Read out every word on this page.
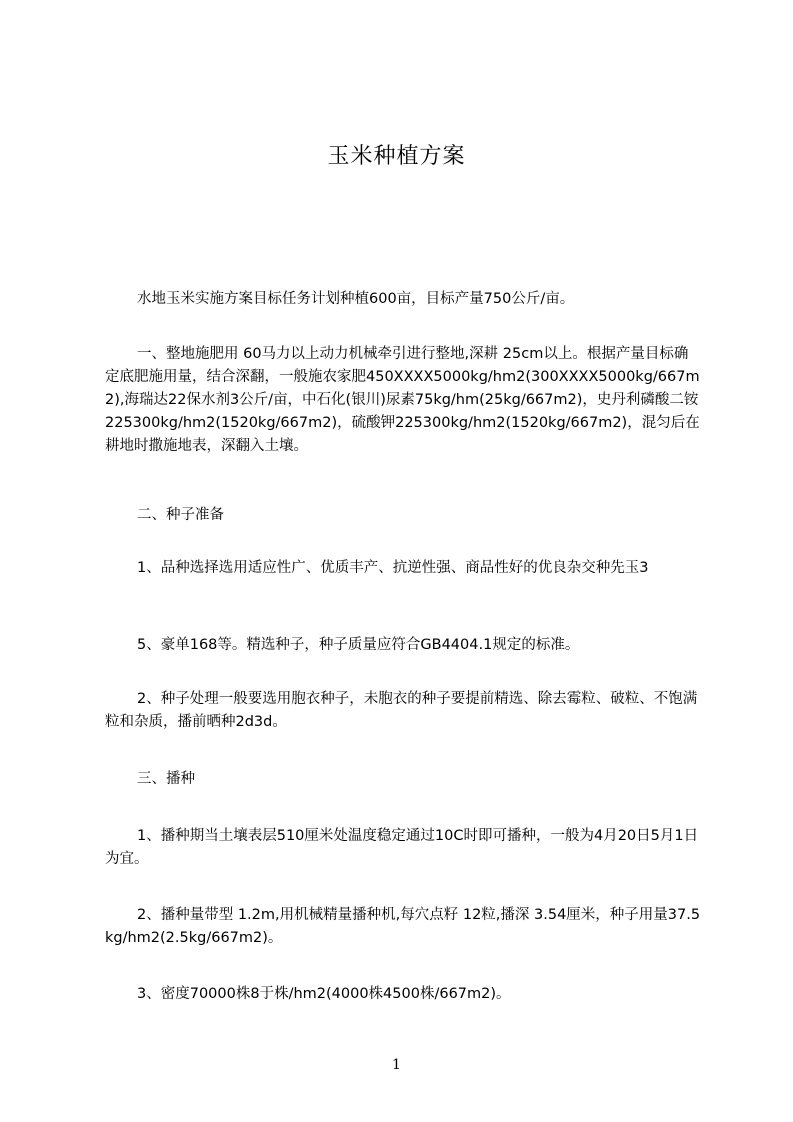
玉米种植方案

水地玉米实施方案目标任务计划种植600亩，目标产量750公斤/亩。

一、整地施肥用 60马力以上动力机械牵引进行整地,深耕 25cm以上。根据产量目标确定底肥施用量，结合深翻，一般施农家肥450XXXX5000kg/hm2(300XXXX5000kg/667m2),海瑞达22保水剂3公斤/亩，中石化(银川)尿素75kg/hm(25kg/667m2)，史丹利磷酸二铵225300kg/hm2(1520kg/667m2)，硫酸钾225300kg/hm2(1520kg/667m2)，混匀后在耕地时撒施地表，深翻入土壤。

二、种子准备

1、品种选择选用适应性广、优质丰产、抗逆性强、商品性好的优良杂交种先玉3

5、豪单168等。精选种子，种子质量应符合GB4404.1规定的标准。

2、种子处理一般要选用胞衣种子，未胞衣的种子要提前精选、除去霉粒、破粒、不饱满粒和杂质，播前晒种2d3d。

三、播种

1、播种期当土壤表层510厘米处温度稳定通过10C时即可播种，一般为4月20日5月1日为宜。

2、播种量带型 1.2m,用机械精量播种机,每穴点籽 12粒,播深 3.54厘米，种子用量37.5kg/hm2(2.5kg/667m2)。

3、密度70000株8于株/hm2(4000株4500株/667m2)。

1
